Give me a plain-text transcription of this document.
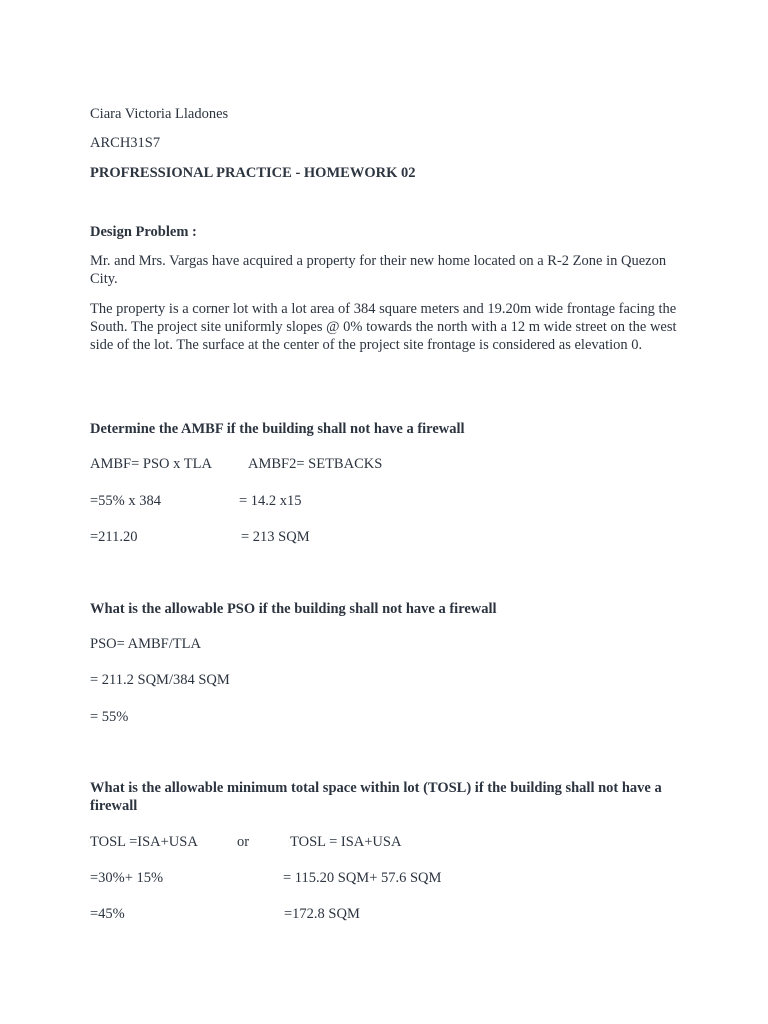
Ciara Victoria Lladones

ARCH31S7

PROFRESSIONAL PRACTICE - HOMEWORK 02

Design Problem :

Mr. and Mrs. Vargas have acquired a property for their new home located on a R-2 Zone in Quezon City.

The property is a corner lot with a lot area of 384 square meters and 19.20m wide frontage facing the South. The project site uniformly slopes @ 0% towards the north with a 12 m wide street on the west side of the lot. The surface at the center of the project site frontage is considered as elevation 0.

Determine the AMBF if the building shall not have a firewall

AMBF= PSO x TLA AMBF2= SETBACKS

=55% x 384	= 14.2 x15

=211.20	= 213 SQM

What is the allowable PSO if the building shall not have a firewall

PSO= AMBF/TLA

= 211.2 SQM/384 SQM

= 55%

What is the allowable minimum total space within lot (TOSL) if the building shall not have a firewall

TOSL =ISA+USA	or	TOSL = ISA+USA

=30%+ 15%	= 115.20 SQM+ 57.6 SQM

=45%	=172.8 SQM
